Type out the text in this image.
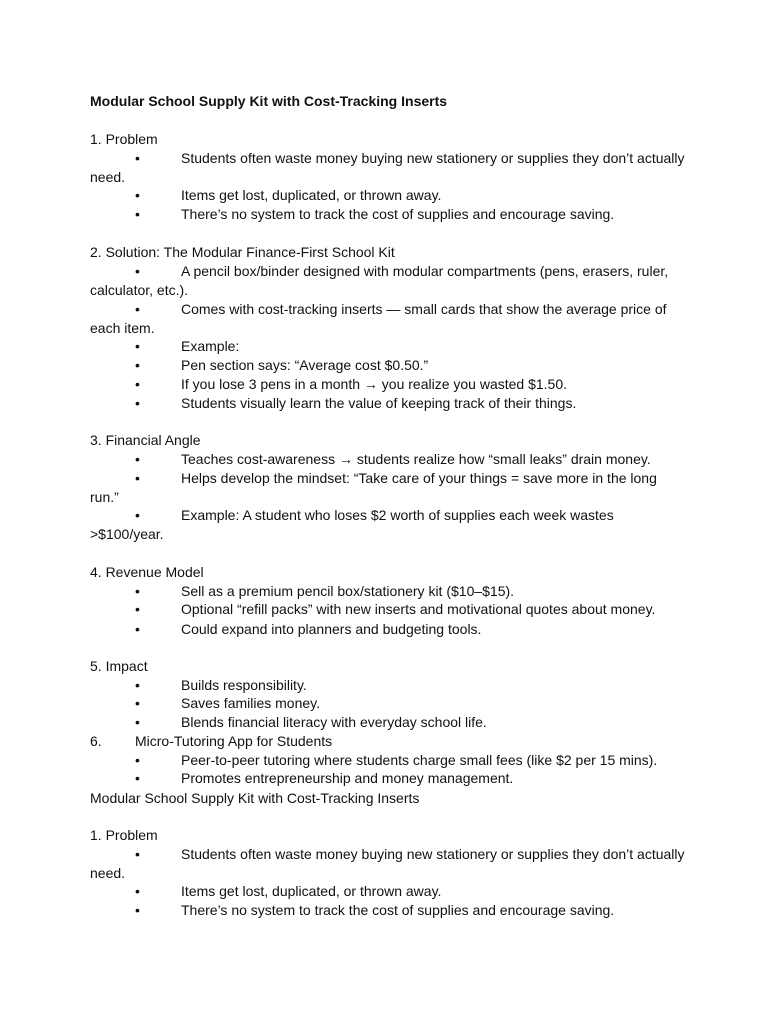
Modular School Supply Kit with Cost-Tracking Inserts
1. Problem
•	Students often waste money buying new stationery or supplies they don’t actually
need.
•	Items get lost, duplicated, or thrown away.
•	There’s no system to track the cost of supplies and encourage saving.
2. Solution: The Modular Finance-First School Kit
•	A pencil box/binder designed with modular compartments (pens, erasers, ruler,
calculator, etc.).
•	Comes with cost-tracking inserts — small cards that show the average price of
each item.
•	Example:
•	Pen section says: “Average cost $0.50.”
•	If you lose 3 pens in a month → you realize you wasted $1.50.
•	Students visually learn the value of keeping track of their things.
3. Financial Angle
•	Teaches cost-awareness → students realize how “small leaks” drain money.
•	Helps develop the mindset: “Take care of your things = save more in the long
run.”
•	Example: A student who loses $2 worth of supplies each week wastes
>$100/year.
4. Revenue Model
•	Sell as a premium pencil box/stationery kit ($10–$15).
•	Optional “refill packs” with new inserts and motivational quotes about money.
•	Could expand into planners and budgeting tools.
5. Impact
•	Builds responsibility.
•	Saves families money.
•	Blends financial literacy with everyday school life.
6. Micro-Tutoring App for Students
•	Peer-to-peer tutoring where students charge small fees (like $2 per 15 mins).
•	Promotes entrepreneurship and money management.
Modular School Supply Kit with Cost-Tracking Inserts
1. Problem
•	Students often waste money buying new stationery or supplies they don’t actually
need.
•	Items get lost, duplicated, or thrown away.
•	There’s no system to track the cost of supplies and encourage saving.
